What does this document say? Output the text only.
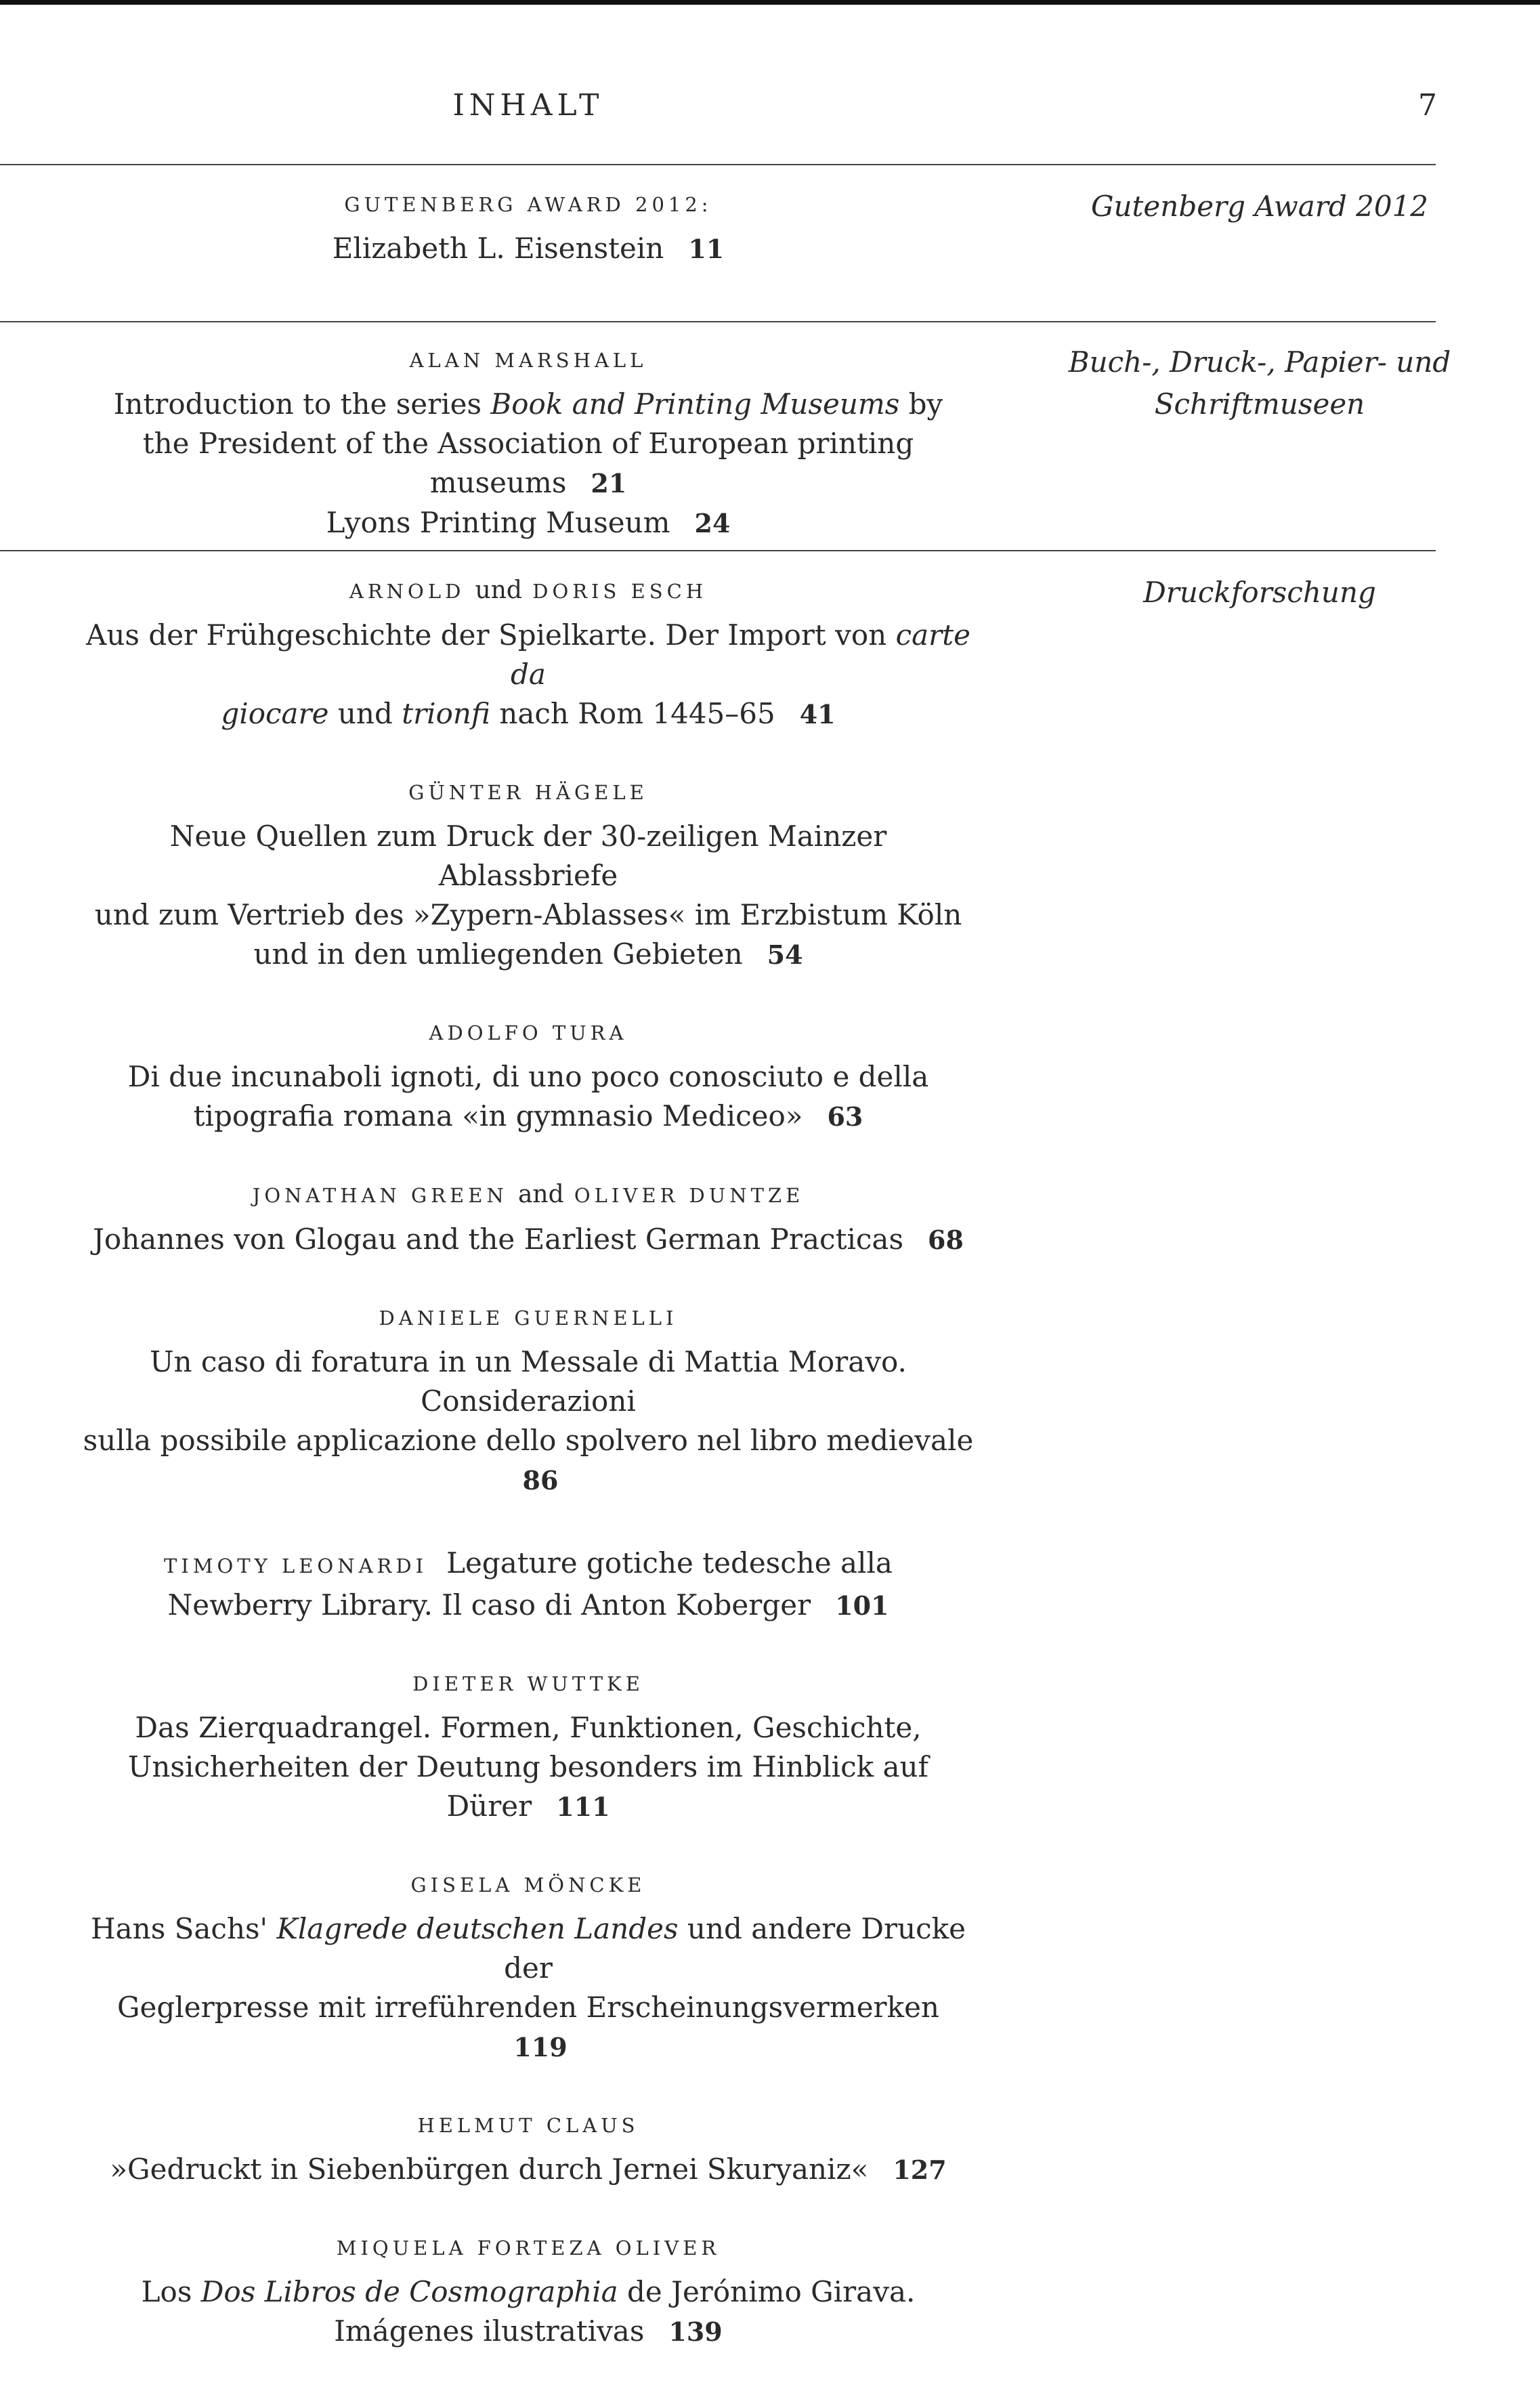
INHALT	7
GUTENBERG AWARD 2012:
Elizabeth L. Eisenstein 11
Gutenberg Award 2012
ALAN MARSHALL
Introduction to the series Book and Printing Museums by
the President of the Association of European printing museums 21
Lyons Printing Museum 24
Buch-, Druck-, Papier- und
Schriftmuseen
ARNOLD und DORIS ESCH
Aus der Frühgeschichte der Spielkarte. Der Import von carte da
giocare und trionfi nach Rom 1445–65 41
GÜNTER HÄGELE
Neue Quellen zum Druck der 30-zeiligen Mainzer Ablassbriefe
und zum Vertrieb des »Zypern-Ablasses« im Erzbistum Köln
und in den umliegenden Gebieten 54
ADOLFO TURA
Di due incunaboli ignoti, di uno poco conosciuto e della
tipografia romana «in gymnasio Mediceo» 63
JONATHAN GREEN and OLIVER DUNTZE
Johannes von Glogau and the Earliest German Practicas 68
DANIELE GUERNELLI
Un caso di foratura in un Messale di Mattia Moravo. Considerazioni
sulla possibile applicazione dello spolvero nel libro medievale86
TIMOTY LEONARDI Legature gotiche tedesche alla
Newberry Library. Il caso di Anton Koberger 101
DIETER WUTTKE
Das Zierquadrangel. Formen, Funktionen, Geschichte,
Unsicherheiten der Deutung besonders im Hinblick auf Dürer 111
GISELA MÖNCKE
Hans Sachs' Klagrede deutschen Landes und andere Drucke der
Geglerpresse mit irreführenden Erscheinungsvermerken119
HELMUT CLAUS
»Gedruckt in Siebenbürgen durch Jernei Skuryaniz« 127
MIQUELA FORTEZA OLIVER
Los Dos Libros de Cosmographia de Jerónimo Girava.
Imágenes ilustrativas 139
Druckforschung
